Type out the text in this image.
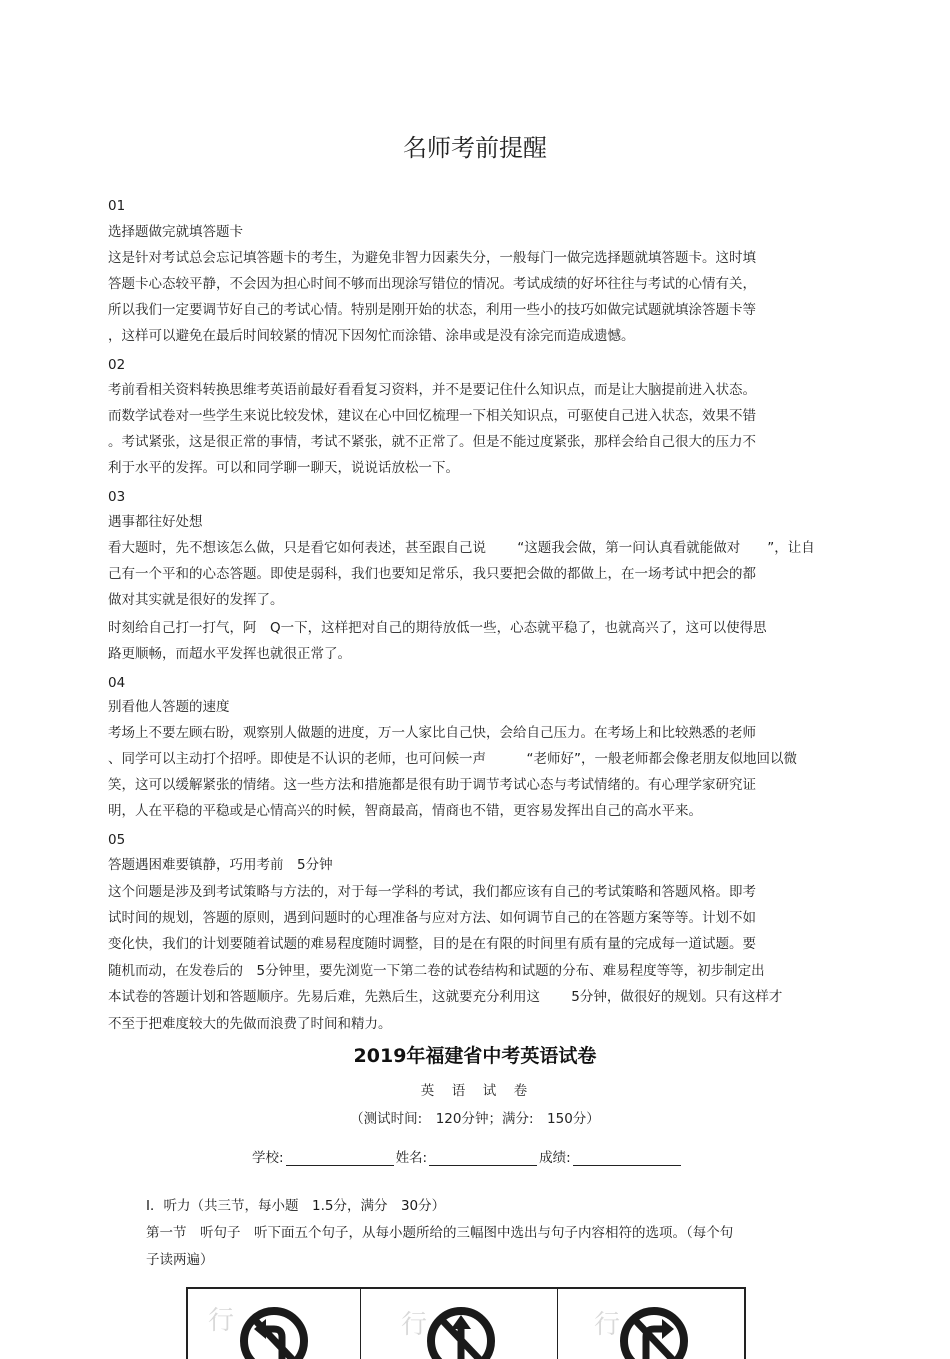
名师考前提醒
01
选择题做完就填答题卡
这是针对考试总会忘记填答题卡的考生，为避免非智力因素失分，一般每门一做完选择题就填答题卡。这时填
答题卡心态较平静，不会因为担心时间不够而出现涂写错位的情况。考试成绩的好坏往往与考试的心情有关，
所以我们一定要调节好自己的考试心情。特别是刚开始的状态，利用一些小的技巧如做完试题就填涂答题卡等
，这样可以避免在最后时间较紧的情况下因匆忙而涂错、涂串或是没有涂完而造成遗憾。
02
考前看相关资料转换思维考英语前最好看看复习资料，并不是要记住什么知识点，而是让大脑提前进入状态。
而数学试卷对一些学生来说比较发怵，建议在心中回忆梳理一下相关知识点，可驱使自己进入状态，效果不错
。考试紧张，这是很正常的事情，考试不紧张，就不正常了。但是不能过度紧张，那样会给自己很大的压力不
利于水平的发挥。可以和同学聊一聊天，说说话放松一下。
03
遇事都往好处想
看大题时，先不想该怎么做，只是看它如何表述，甚至跟自己说　　 “这题我会做，第一问认真看就能做对　　”，让自
己有一个平和的心态答题。即使是弱科，我们也要知足常乐，我只要把会做的都做上，在一场考试中把会的都
做对其实就是很好的发挥了。
时刻给自己打一打气，阿　Q一下，这样把对自己的期待放低一些，心态就平稳了，也就高兴了，这可以使得思
路更顺畅，而超水平发挥也就很正常了。
04
别看他人答题的速度
考场上不要左顾右盼，观察别人做题的进度，万一人家比自己快，会给自己压力。在考场上和比较熟悉的老师
、同学可以主动打个招呼。即使是不认识的老师，也可问候一声　　　“老师好”，一般老师都会像老朋友似地回以微
笑，这可以缓解紧张的情绪。这一些方法和措施都是很有助于调节考试心态与考试情绪的。有心理学家研究证
明，人在平稳的平稳或是心情高兴的时候，智商最高，情商也不错，更容易发挥出自己的高水平来。
05
答题遇困难要镇静，巧用考前　5分钟
这个问题是涉及到考试策略与方法的，对于每一学科的考试，我们都应该有自己的考试策略和答题风格。即考
试时间的规划，答题的原则，遇到问题时的心理准备与应对方法、如何调节自己的在答题方案等等。计划不如
变化快，我们的计划要随着试题的难易程度随时调整，目的是在有限的时间里有质有量的完成每一道试题。要
随机而动，在发卷后的　5分钟里，要先浏览一下第二卷的试卷结构和试题的分布、难易程度等等，初步制定出
本试卷的答题计划和答题顺序。先易后难，先熟后生，这就要充分利用这　　 5分钟，做很好的规划。只有这样才
不至于把难度较大的先做而浪费了时间和精力。
2019年福建省中考英语试卷
英　语　试　卷
（测试时间:　120分钟；满分:　150分）
学校:	姓名:	成绩:
Ⅰ．听力（共三节，每小题　1.5分，满分　30分）
第一节　听句子　听下面五个句子，从每小题所给的三幅图中选出与句子内容相符的选项。（每个句
子读两遍）
行	行	行
